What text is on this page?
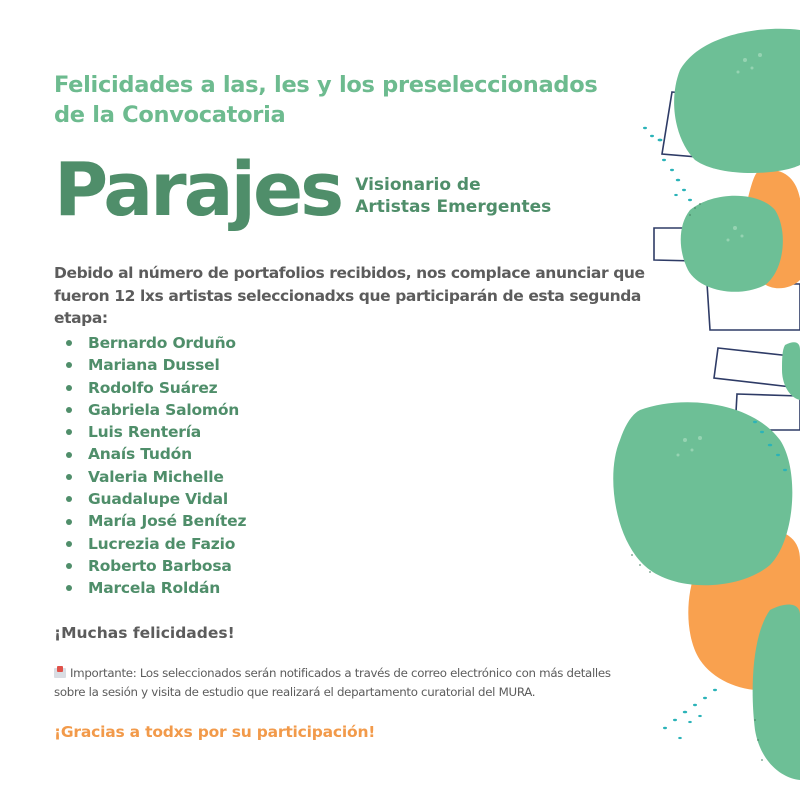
Felicidades a las, les y los preseleccionados
de la Convocatoria
Parajes Visionario de
Artistas Emergentes
Debido al número de portafolios recibidos, nos complace anunciar que
fueron 12 lxs artistas seleccionadxs que participarán de esta segunda etapa:
Bernardo Orduño
Mariana Dussel
Rodolfo Suárez
Gabriela Salomón
Luis Rentería
Anaís Tudón
Valeria Michelle
Guadalupe Vidal
María José Benítez
Lucrezia de Fazio
Roberto Barbosa
Marcela Roldán
¡Muchas felicidades!
Importante: Los seleccionados serán notificados a través de correo electrónico con más detalles
sobre la sesión y visita de estudio que realizará el departamento curatorial del MURA.
¡Gracias a todxs por su participación!
